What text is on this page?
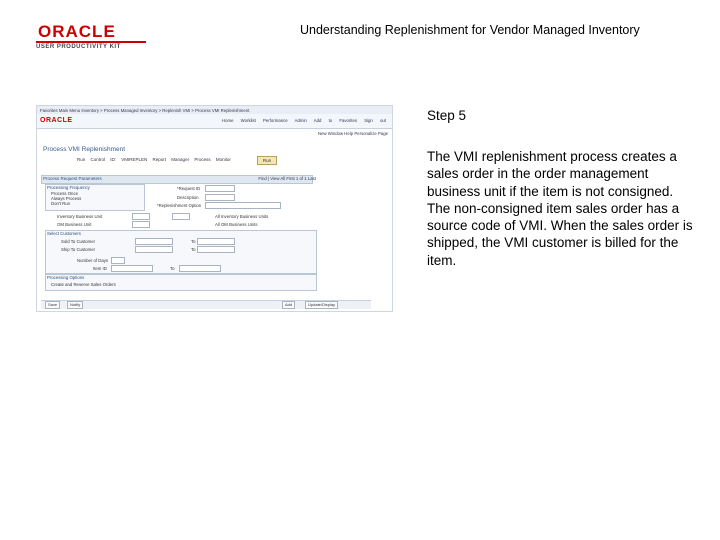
ORACLE
USER PRODUCTIVITY KIT
Understanding Replenishment for Vendor Managed Inventory
Favorites Main Menu Inventory > Process Managed Inventory > Replenish VMI > Process VMI Replenishment
ORACLE	Home Worklist Performance Admin Add to Favorites Sign out
New Window Help Personalize Page
Process VMI Replenishment
Run Control ID: VMIREPLEN Report Manager Process Monitor	Run
Process Request Parameters	Find | View All First 1 of 1 Last
Processing Frequency
Process Once
Always Process
Don't Run
*Request ID
Description
*Replenishment Option
Inventory Business Unit	All Inventory Business Units
OM Business Unit	All OM Business Units
Select Customers
Sold To Customer	To
Ship To Customer	To
Number of Days
Item ID	To
Processing Options
Create and Reserve Sales Orders
Save	Notify	Add	Update/Display
Step 5
The VMI replenishment process creates a sales order in the order management business unit if the item is not consigned. The non-consigned item sales order has a source code of VMI. When the sales order is shipped, the VMI customer is billed for the item.
